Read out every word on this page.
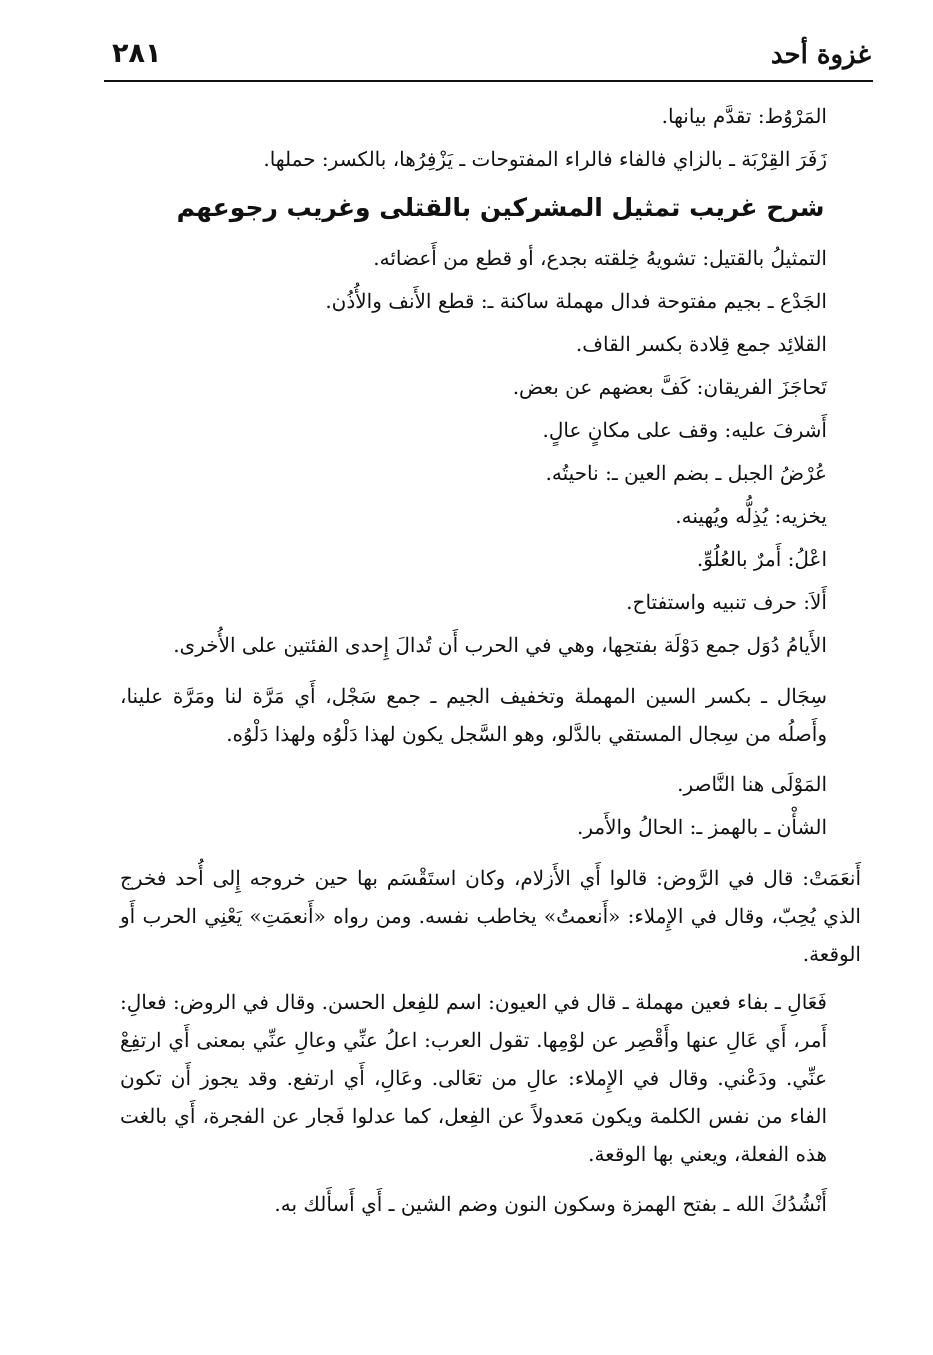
٢٨١	غزوة أحد

المَرْوُط: تقدَّم بيانها.

زَفَرَ القِرْبَة ـ بالزاي فالفاء فالراء المفتوحات ـ يَزْفِرُها، بالكسر: حملها.

شرح غريب تمثيل المشركين بالقتلى وغريب رجوعهم

التمثيلُ بالقتيل: تشويهُ خِلقته بجدع، أو قطع من أَعضائه.

الجَدْع ـ بجيم مفتوحة فدال مهملة ساكنة ـ: قطع الأَنف والأُذُن.

القلائِد جمع قِلادة بكسر القاف.

تَحاجَزَ الفريقان: كَفَّ بعضهم عن بعض.

أَشرفَ عليه: وقف على مكانٍ عالٍ.

عُرْضُ الجبل ـ بضم العين ـ: ناحيتُه.

يخزيه: يُذِلُّه ويُهينه.

اعْلُ: أَمرٌ بالعُلُوِّ.

أَلاَ: حرف تنبيه واستفتاح.

الأَيامُ دُوَل جمع دَوْلَة بفتحِها، وهي في الحرب أَن تُدالَ إِحدى الفئتين على الأُخرى.

سِجَال ـ بكسر السين المهملة وتخفيف الجيم ـ جمع سَجْل، أَي مَرَّة لنا ومَرَّة علينا، وأَصلُه من سِجال المستقي بالدَّلو، وهو السَّجل يكون لهذا دَلْوُه ولهذا دَلْوُه.

المَوْلَى هنا النَّاصر.

الشأْن ـ بالهمز ـ: الحالُ والأَمر.

أَنعَمَتْ: قال في الرَّوض: قالوا أَي الأَزلام، وكان استَقْسَم بها حين خروجه إِلى أُحد فخرج الذي يُحِبّ، وقال في الإِملاء: «أَنعمتُ» يخاطب نفسه. ومن رواه «أَنعمَتِ» يَعْنِي الحرب أَو الوقعة.

فَعَالِ ـ بفاء فعين مهملة ـ قال في العيون: اسم للفِعل الحسن. وقال في الروض: فعالِ: أَمر، أَي عَالِ عنها وأَقْصِر عن لوْمِها. تقول العرب: اعلُ عنِّي وعالِ عنِّي بمعنى أَي ارتفِعْ عنِّي. ودَعْني. وقال في الإِملاء: عالِ من تعَالى. وعَالِ، أَي ارتفع. وقد يجوز أَن تكون الفاء من نفس الكلمة ويكون مَعدولاً عن الفِعل، كما عدلوا فَجار عن الفجرة، أَي بالغت هذه الفعلة، ويعني بها الوقعة.

أَنْشُدُكَ الله ـ بفتح الهمزة وسكون النون وضم الشين ـ أَي أَسأَلك به.
